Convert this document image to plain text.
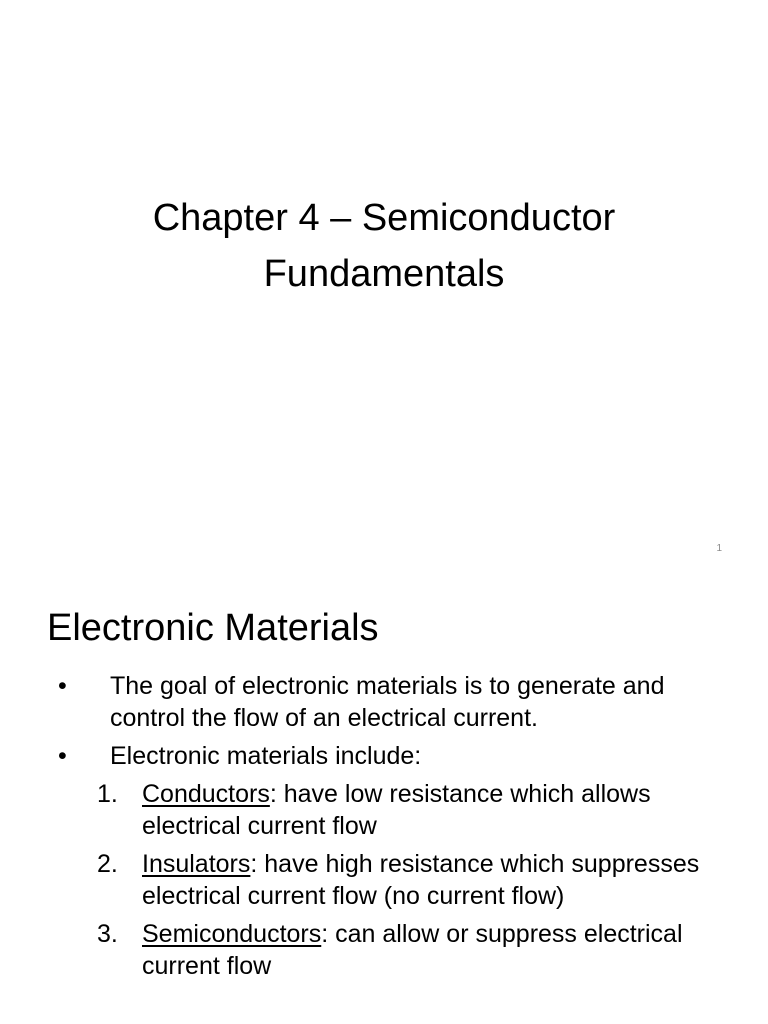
Chapter 4 – Semiconductor
Fundamentals
1
Electronic Materials
• The goal of electronic materials is to generate and control the flow of an electrical current.
• Electronic materials include:
1. Conductors: have low resistance which allows electrical current flow
2. Insulators: have high resistance which suppresses electrical current flow (no current flow)
3. Semiconductors: can allow or suppress electrical current flow
